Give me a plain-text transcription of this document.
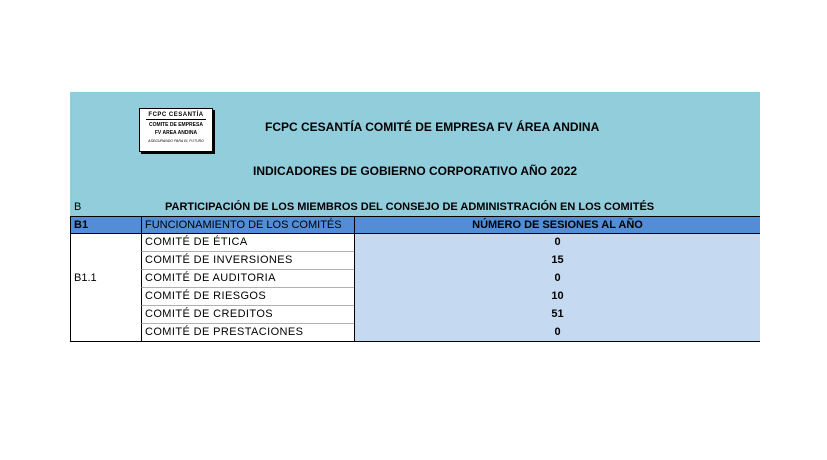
FCPC CESANTÍA
COMITE DE EMPRESA
FV AREA ANDINA
ASEGURANDO PARA EL FUTURO
FCPC CESANTÍA COMITÉ DE EMPRESA FV ÁREA ANDINA
INDICADORES DE GOBIERNO CORPORATIVO AÑO 2022
B	PARTICIPACIÓN DE LOS MIEMBROS DEL CONSEJO DE ADMINISTRACIÓN EN LOS COMITÉS
B1	FUNCIONAMIENTO DE LOS COMITÉS	NÚMERO DE SESIONES AL AÑO
COMITÉ DE ÉTICA	0
COMITÉ DE INVERSIONES	15
B1.1	COMITÉ DE AUDITORIA	0
COMITÉ DE RIESGOS	10
COMITÉ DE CREDITOS	51
COMITÉ DE PRESTACIONES	0
